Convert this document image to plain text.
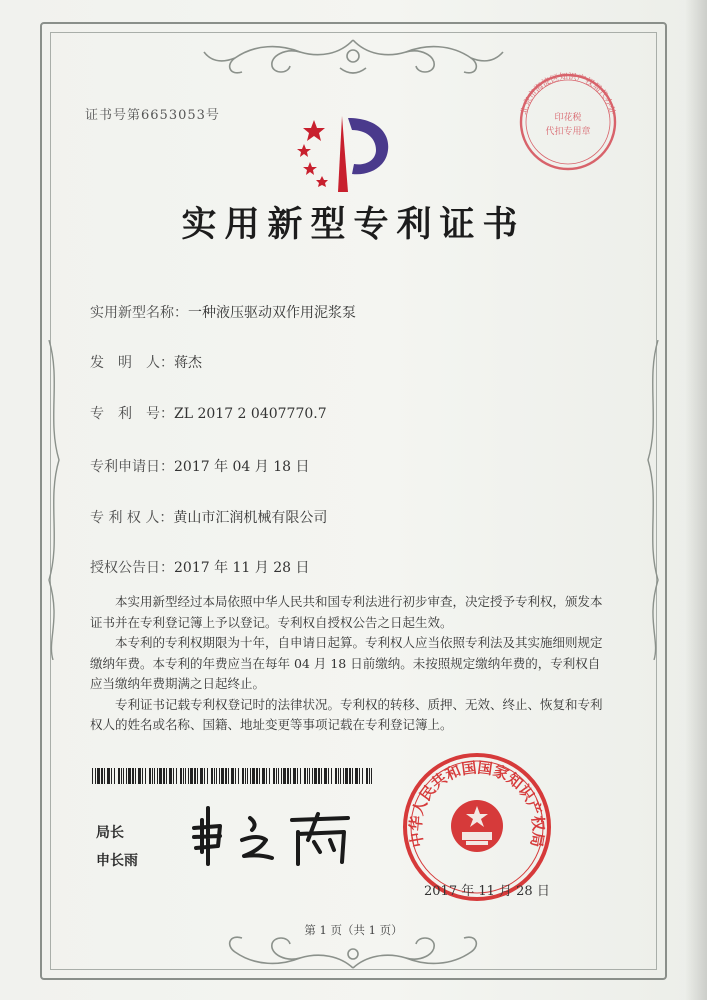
证书号第6653053号
实用新型专利证书
实用新型名称：一种液压驱动双作用泥浆泵
发　明　人：蒋杰
专　利　号：ZL 2017 2 0407770.7
专利申请日：2017 年 04 月 18 日
专 利 权 人：黄山市汇润机械有限公司
授权公告日：2017 年 11 月 28 日

本实用新型经过本局依照中华人民共和国专利法进行初步审查，决定授予专利权，颁发本证书并在专利登记簿上予以登记。专利权自授权公告之日起生效。

本专利的专利权期限为十年，自申请日起算。专利权人应当依照专利法及其实施细则规定缴纳年费。本专利的年费应当在每年 04 月 18 日前缴纳。未按照规定缴纳年费的，专利权自应当缴纳年费期满之日起终止。

专利证书记载专利权登记时的法律状况。专利权的转移、质押、无效、终止、恢复和专利权人的姓名或名称、国籍、地址变更等事项记载在专利登记簿上。

局长
申长雨
中华人民共和国国家知识产权局
2017 年 11 月 28 日
北京市海淀区知识产权局代办处
印花税
代扣专用章
第 1 页（共 1 页）
